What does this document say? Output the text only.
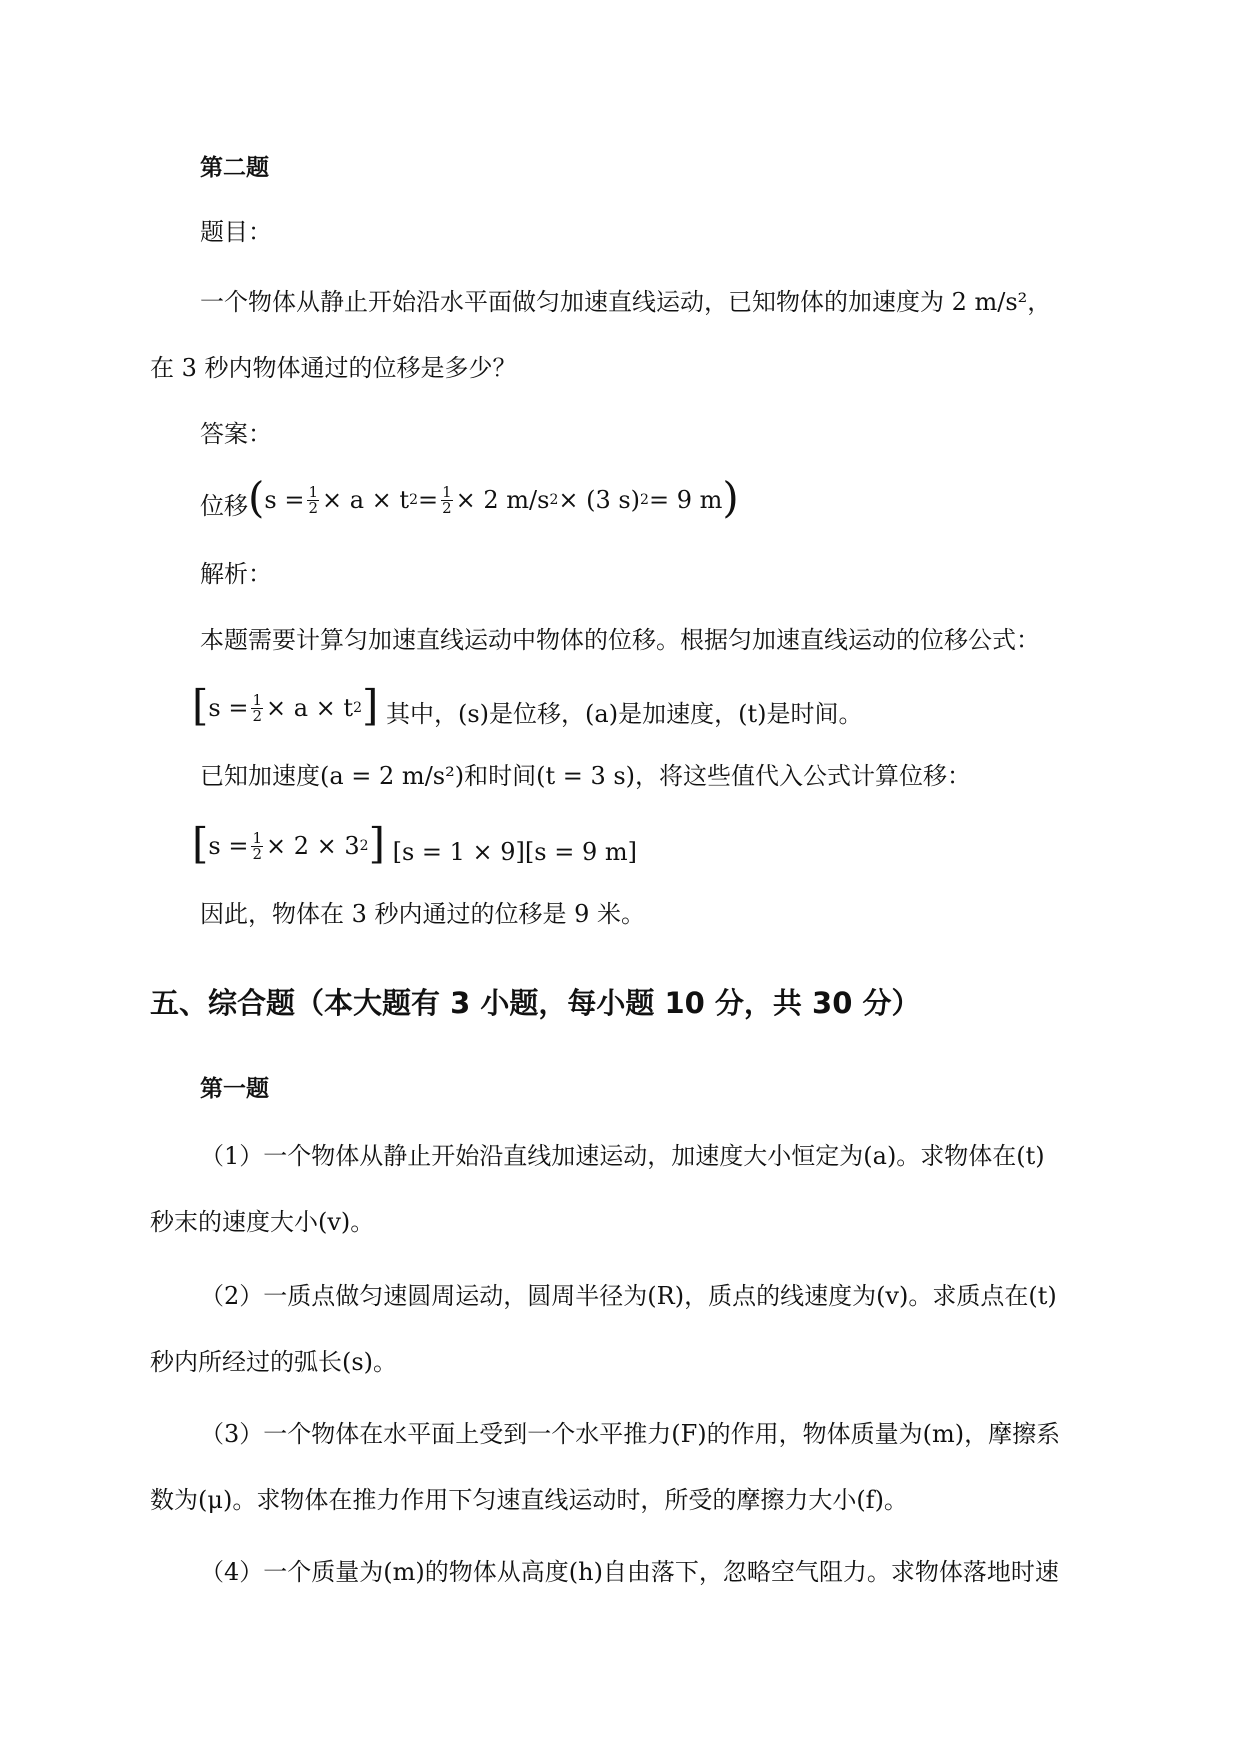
第二题
题目：
一个物体从静止开始沿水平面做匀加速直线运动，已知物体的加速度为 2 m/s²，
在 3 秒内物体通过的位移是多少？
答案：
位移 ( $s = \frac{1}{2} \times a \times t$ $2 = \frac{1}{2} \times 2$ m/s 2 × (3 s) 2 = 9 m )
解析：
本题需要计算匀加速直线运动中物体的位移。根据匀加速直线运动的位移公式：
[ $s = \frac{1}{2} \times a \times t$ 2 ] 其中，(s)是位移，(a)是加速度，(t)是时间。
已知加速度(a = 2 m/s²)和时间(t = 3 s)，将这些值代入公式计算位移：
[ $s = \frac{1}{2} \times 2 \times 3$ 2 ] [s = 1 × 9][s = 9 m]
因此，物体在 3 秒内通过的位移是 9 米。
五、综合题（本大题有 3 小题，每小题 10 分，共 30 分）
第一题
（1）一个物体从静止开始沿直线加速运动，加速度大小恒定为(a)。求物体在(t)
秒末的速度大小(v)。
（2）一质点做匀速圆周运动，圆周半径为(R)，质点的线速度为(v)。求质点在(t)
秒内所经过的弧长(s)。
（3）一个物体在水平面上受到一个水平推力(F)的作用，物体质量为(m)，摩擦系
数为(μ)。求物体在推力作用下匀速直线运动时，所受的摩擦力大小(f)。
（4）一个质量为(m)的物体从高度(h)自由落下，忽略空气阻力。求物体落地时速
